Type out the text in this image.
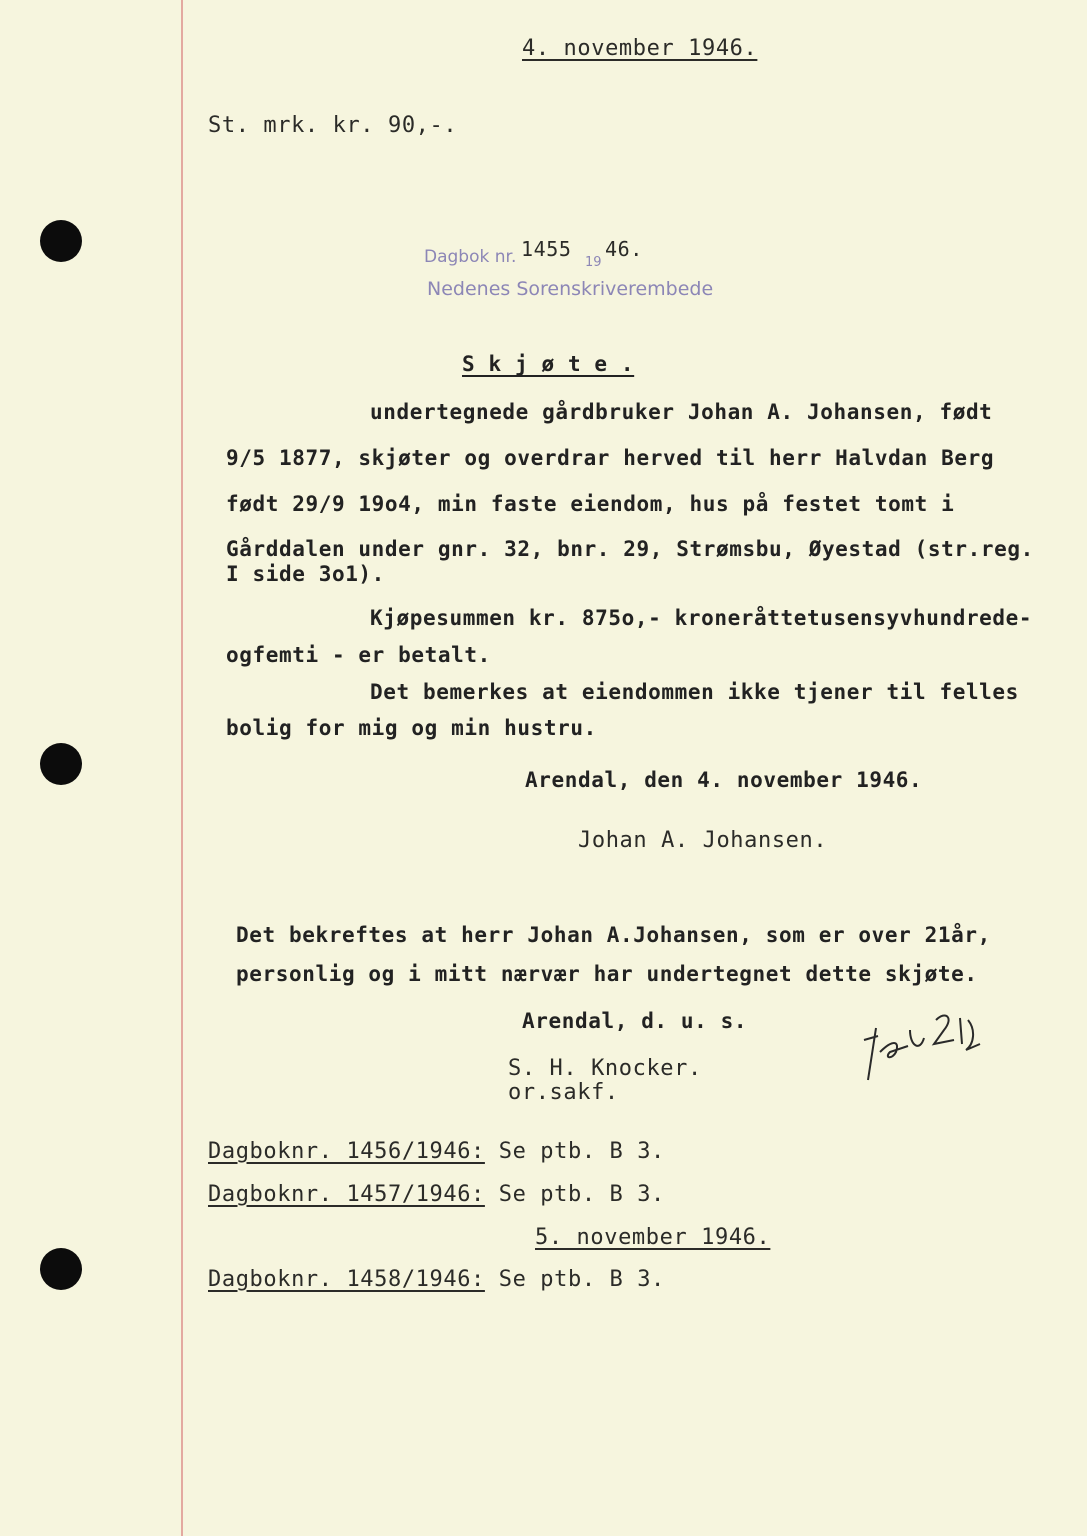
4. november 1946.
St. mrk. kr. 90,-.
Dagbok nr. 1455
19
46.
Nedenes Sorenskriverembede
S k j ø t e .
undertegnede gårdbruker Johan A. Johansen, født
9/5 1877, skjøter og overdrar herved til herr Halvdan Berg
født 29/9 19o4, min faste eiendom, hus på festet tomt i
Gårddalen under gnr. 32, bnr. 29, Strømsbu, Øyestad (str.reg.
I side 3o1).
Kjøpesummen kr. 875o,- kroneråttetusensyvhundrede-
ogfemti - er betalt.
Det bemerkes at eiendommen ikke tjener til felles
bolig for mig og min hustru.
Arendal, den 4. november 1946.
Johan A. Johansen.
Det bekreftes at herr Johan A.Johansen, som er over 21år,
personlig og i mitt nærvær har undertegnet dette skjøte.
Arendal, d. u. s.
S. H. Knocker.
or.sakf.
Dagboknr. 1456/1946: Se ptb. B 3.
Dagboknr. 1457/1946: Se ptb. B 3.
5. november 1946.
Dagboknr. 1458/1946: Se ptb. B 3.
